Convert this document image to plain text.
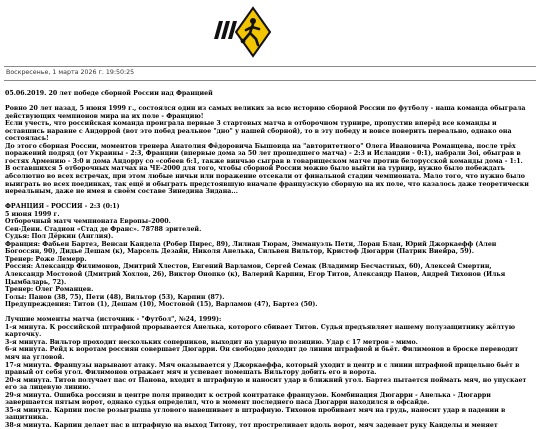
Воскресенье, 1 марта 2026 г. 19:50:25

05.06.2019. 20 лет победе сборной России над Францией

Ровно 20 лет назад, 5 июня 1999 г., состоялся один из самых великих за всю историю сборной России по футболу - наша команда обыграла действующих чемпионов мира на их поле - Францию!

Если учесть, что российская команда проиграла первые 3 стартовых матча в отборочном турнире, пропустив вперёд все команды и оставшись наравне с Андоррой (вот это побед реальное "дно" у нашей сборной), то в эту победу и вовсе поверить переально, однако она состоялась!

До этого сборная России, моментов тренера Анатолия Фёдоровича Бышовца на "авторитетного" Олега Ивановича Романцева, после трёх поражений подряд (от Украины - 2:3, Франции (впервые дома за 50 лет прошедшего матча) - 2:3 и Исландии - 0:1), набрали 3оі, обыграв в гостях Армению - 3:0 и дома Андорру со «собеев 6:1, также винчью сыграв в товарищеском матче против белорусской команды дома - 1:1.

В оставшихся 5 отборочных матчах на ЧЕ-2000 для того, чтобы сборной России можно было выйти на турнир, нужно было побеждать абсолютно во всех встречах, при этом любые ничьи или поражение отсекали от финальной стадии чемпионата. Мало того, что нужно было выиграть во всех поединках, так ещё и обыграть предстоявшую вначале французскую сборную на их поле, что казалось даже теоретически нереальным, даже не имея в своём составе Зинедина Зидана...

ФРАНЦИЯ - РОССИЯ - 2:3 (0:1)

5 июня 1999 г.

Отборочный матч чемпионата Европы–2000.

Сен-Дени. Стадион «Стад де Франс». 78788 зрителей.

Судья: Пол Дёркин (Англия).

Франция: Фабьен Бартез, Венсан Кандела (Робер Пирес, 89), Лилиан Тюрам, Эммануэль Пети, Лоран Блан, Юрий Джоркаефф (Ален Богоссян, 90), Дидье Дешам (к), Марсель Дезайи, Николя Анелька, Сильвен Вильтор, Кристоф Дюгарри (Патрик Виейра, 59).

Тренер: Роже Лемерр.

Россия: Александр Филимонов, Дмитрий Хлестов, Евгений Варламов, Сергей Семак (Владимир Бесчастных, 60), Алексей Смертин, Александр Мостовой (Дмитрий Хохлов, 26), Виктор Онопко (к), Валерий Карпин, Егор Титов, Александр Панов, Андрей Тихонов (Илья Цымбаларь, 72).

Тренер: Олег Романцев.

Голы: Панов (38, 75), Пети (48), Вильтор (53), Карпин (87).

Предупреждения: Титов (1), Дешам (10), Мостовой (15), Варламов (47), Бартез (50).

Лучшие моменты матча (источник - "Футбол", №24, 1999):

1-я минута. К российской штрафной прорывается Анелька, которого сбивает Титов. Судья предъявляет нашему полузащитнику жёлтую карточку.

3-я минута. Вильтор проходит нескольких соперников, выходит на ударную позицию. Удар с 17 метров - мимо.

6-я минута. Рейд к воротам россиян совершает Дюгарри. Он свободно доходит до линии штрафной и бьёт. Филимонов в броске переводит мяч на угловой.

17-я минута. Французы нарывают атаку. Мяч оказывается у Джоркаеффа, который уходит в центр и с линии штрафной прицельно бьёт в правый от себя угол. Филимонов отражает мяч и успевает помешать Вильтору добить его в ворота.

20-я минута. Титов получает пас от Панова, входит в штрафную и наносит удар в ближний угол. Бартез пытается поймать мяч, но упускает его за лицевую линию.

29-я минута. Ошибка россиян в центре поля приводит к острой контратаке французов. Комбинация Дюгарри - Анелька - Дюгарри завершается пятым ворот, однако судья определил, что в момент последнего паса Дюгарри находился в офсайде.

35-я минута. Карпин после розыгрыша углового навешивает в штрафную. Тихонов пробивает мяч на грудь, наносит удар в падении в защитника.

38-я минута. Карпин делает пас в штрафную на выход Титову, тот простреливает вдоль ворот, мяч задевает руку Канделы и меняет
